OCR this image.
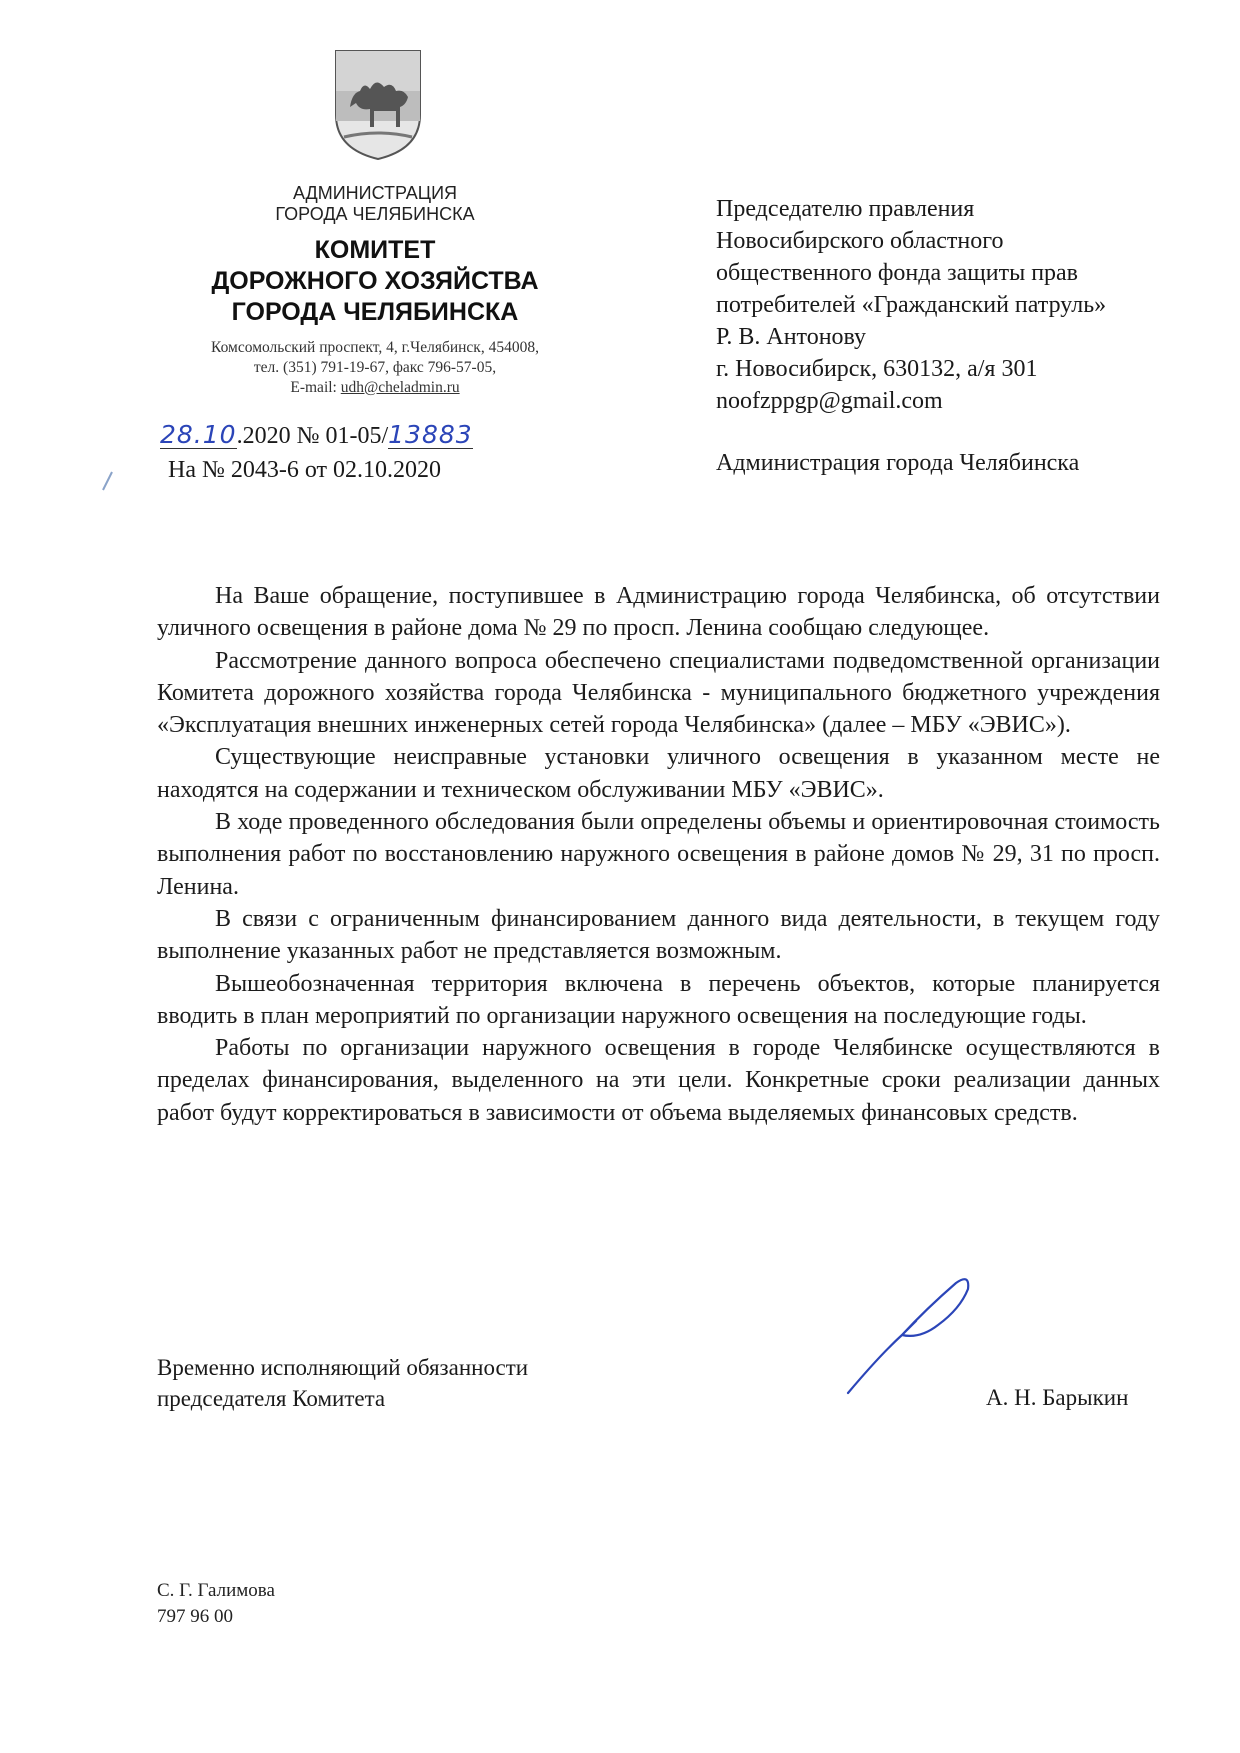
АДМИНИСТРАЦИЯ
ГОРОДА ЧЕЛЯБИНСКА
КОМИТЕТ
ДОРОЖНОГО ХОЗЯЙСТВА
ГОРОДА ЧЕЛЯБИНСКА
Комсомольский проспект, 4, г.Челябинск, 454008,
тел. (351) 791-19-67, факс 796-57-05,
E-mail: udh@cheladmin.ru
28.10.2020 № 01-05/13883
На № 2043-6 от 02.10.2020
Председателю правления
Новосибирского областного
общественного фонда защиты прав
потребителей «Гражданский патруль»
Р. В. Антонову
г. Новосибирск, 630132, а/я 301
noofzppgp@gmail.com
Администрация города Челябинска

На Ваше обращение, поступившее в Администрацию города Челябинска, об отсутствии уличного освещения в районе дома № 29 по просп. Ленина сообщаю следующее.

Рассмотрение данного вопроса обеспечено специалистами подведомственной организации Комитета дорожного хозяйства города Челябинска - муниципального бюджетного учреждения «Эксплуатация внешних инженерных сетей города Челябинска» (далее – МБУ «ЭВИС»).

Существующие неисправные установки уличного освещения в указанном месте не находятся на содержании и техническом обслуживании МБУ «ЭВИС».

В ходе проведенного обследования были определены объемы и ориентировочная стоимость выполнения работ по восстановлению наружного освещения в районе домов № 29, 31 по просп. Ленина.

В связи с ограниченным финансированием данного вида деятельности, в текущем году выполнение указанных работ не представляется возможным.

Вышеобозначенная территория включена в перечень объектов, которые планируется вводить в план мероприятий по организации наружного освещения на последующие годы.

Работы по организации наружного освещения в городе Челябинске осуществляются в пределах финансирования, выделенного на эти цели. Конкретные сроки реализации данных работ будут корректироваться в зависимости от объема выделяемых финансовых средств.

Временно исполняющий обязанности
председателя Комитета	А. Н. Барыкин
С. Г. Галимова
797 96 00
